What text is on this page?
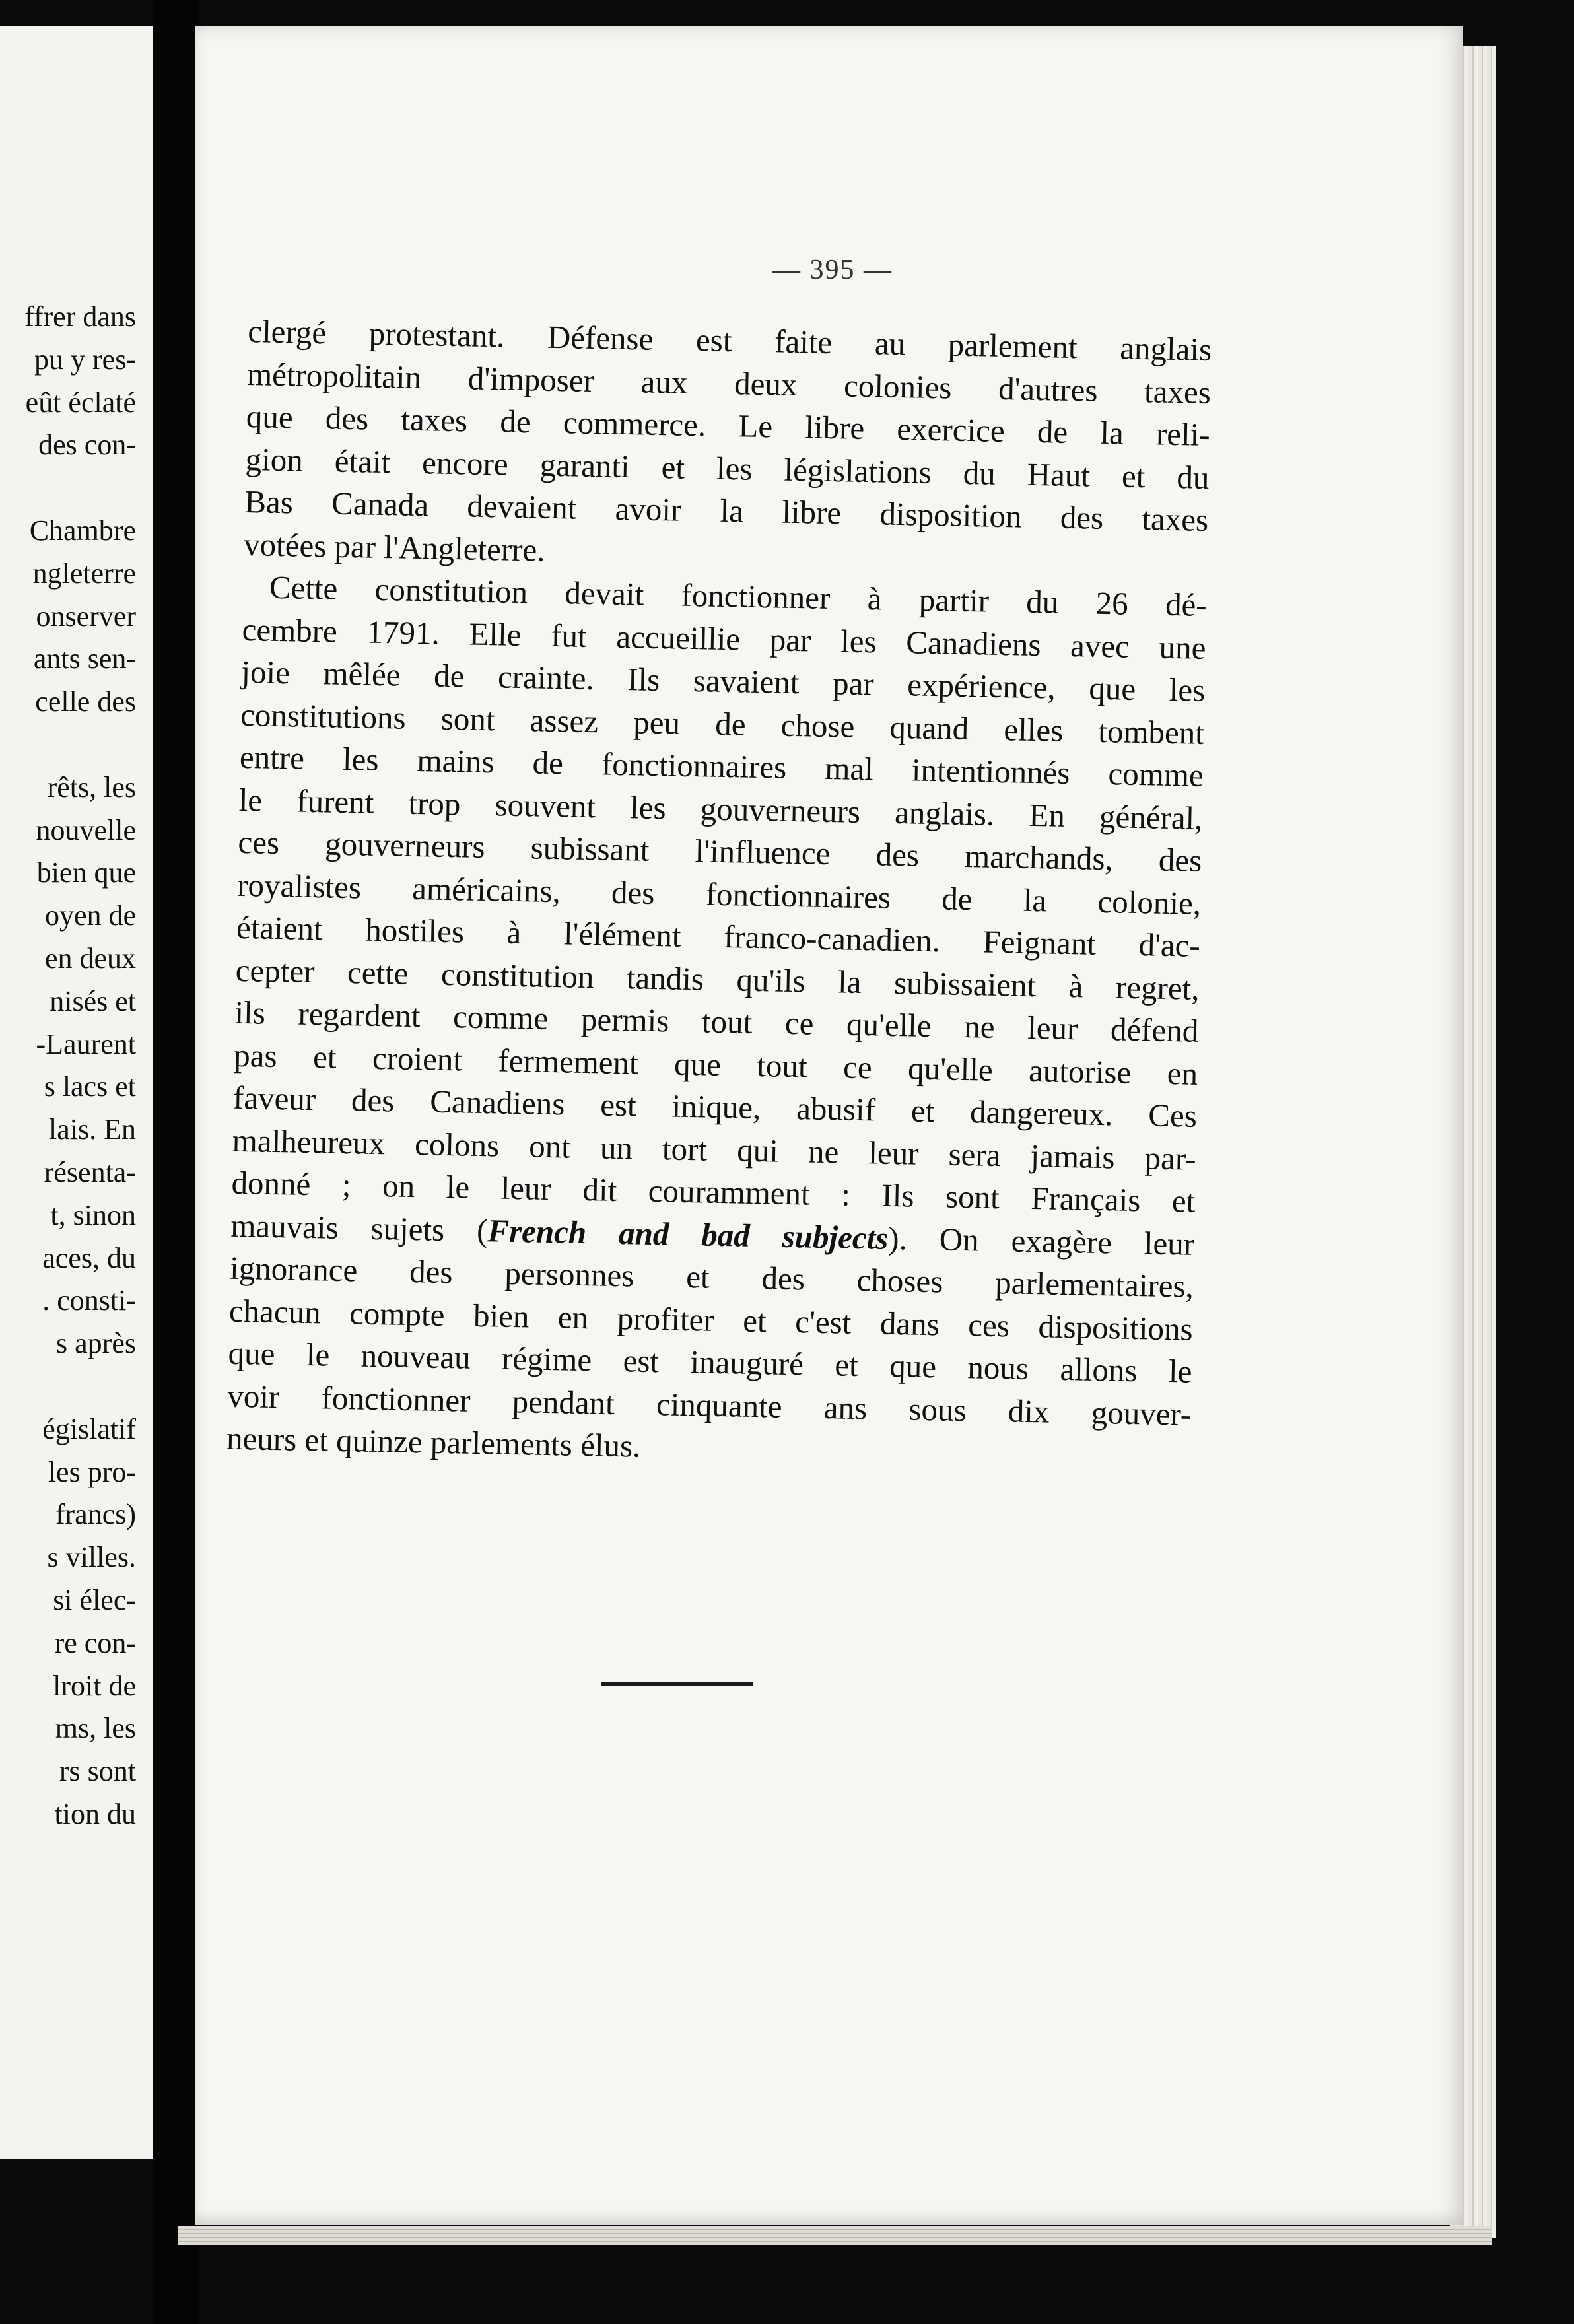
ffrer dans
pu y res-
eût éclaté
des con-
Chambre
ngleterre
onserver
ants sen-
celle des
rêts, les
nouvelle
bien que
oyen de
en deux
nisés et
-Laurent
s lacs et
lais. En
résenta-
t, sinon
aces, du
. consti-
s après
égislatif
les pro-
francs)
s villes.
si élec-
re con-
lroit de
ms, les
rs sont
tion du
— 395 —
clergé protestant. Défense est faite au parlement anglais
métropolitain d'imposer aux deux colonies d'autres taxes
que des taxes de commerce. Le libre exercice de la reli-
gion était encore garanti et les législations du Haut et du
Bas Canada devaient avoir la libre disposition des taxes
votées par l'Angleterre.
Cette constitution devait fonctionner à partir du 26 dé-
cembre 1791. Elle fut accueillie par les Canadiens avec une
joie mêlée de crainte. Ils savaient par expérience, que les
constitutions sont assez peu de chose quand elles tombent
entre les mains de fonctionnaires mal intentionnés comme
le furent trop souvent les gouverneurs anglais. En général,
ces gouverneurs subissant l'influence des marchands, des
royalistes américains, des fonctionnaires de la colonie,
étaient hostiles à l'élément franco-canadien. Feignant d'ac-
cepter cette constitution tandis qu'ils la subissaient à regret,
ils regardent comme permis tout ce qu'elle ne leur défend
pas et croient fermement que tout ce qu'elle autorise en
faveur des Canadiens est inique, abusif et dangereux. Ces
malheureux colons ont un tort qui ne leur sera jamais par-
donné ; on le leur dit couramment : Ils sont Français et
mauvais sujets (French and bad subjects). On exagère leur
ignorance des personnes et des choses parlementaires,
chacun compte bien en profiter et c'est dans ces dispositions
que le nouveau régime est inauguré et que nous allons le
voir fonctionner pendant cinquante ans sous dix gouver-
neurs et quinze parlements élus.
